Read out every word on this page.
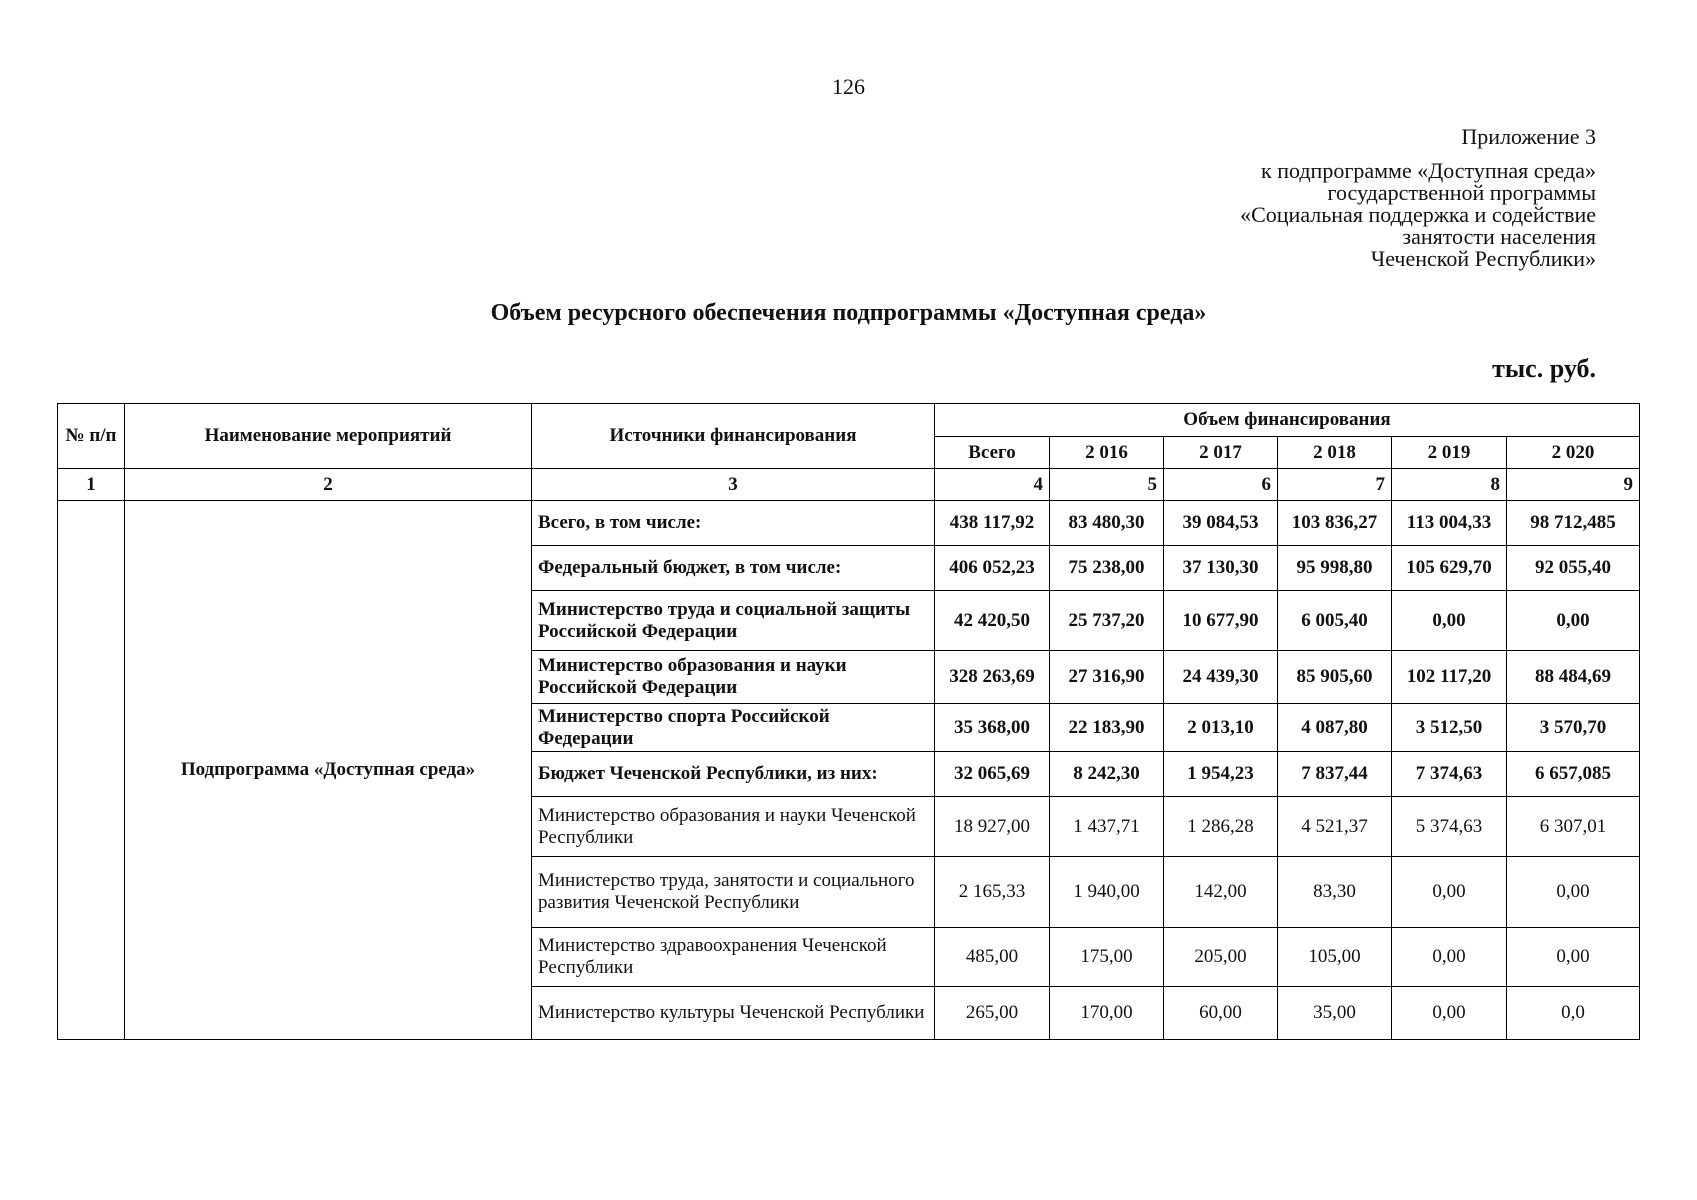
126
Приложение 3
к подпрограмме «Доступная среда»
государственной программы
«Социальная поддержка и содействие
занятости населения
Чеченской Республики»
Объем ресурсного обеспечения подпрограммы «Доступная среда»
тыс. руб.
№ п/п	Наименование мероприятий	Источники финансирования	Объем финансирования					
			Всего	2 016	2 017	2 018	2 019	2 020
1	2	3	4	5	6	7	8	9
	Подпрограмма «Доступная среда»	Всего, в том числе:	438 117,92	83 480,30	39 084,53	103 836,27	113 004,33	98 712,485
		Федеральный бюджет, в том числе:	406 052,23	75 238,00	37 130,30	95 998,80	105 629,70	92 055,40
		Министерство труда и социальной защиты Российской Федерации	42 420,50	25 737,20	10 677,90	6 005,40	0,00	0,00
		Министерство образования и науки Российской Федерации	328 263,69	27 316,90	24 439,30	85 905,60	102 117,20	88 484,69
		Министерство спорта Российской Федерации	35 368,00	22 183,90	2 013,10	4 087,80	3 512,50	3 570,70
		Бюджет Чеченской Республики, из них:	32 065,69	8 242,30	1 954,23	7 837,44	7 374,63	6 657,085
		Министерство образования и науки Чеченской Республики	18 927,00	1 437,71	1 286,28	4 521,37	5 374,63	6 307,01
		Министерство труда, занятости и социального развития Чеченской Республики	2 165,33	1 940,00	142,00	83,30	0,00	0,00
		Министерство здравоохранения Чеченской Республики	485,00	175,00	205,00	105,00	0,00	0,00
		Министерство культуры Чеченской Республики	265,00	170,00	60,00	35,00	0,00	0,0
